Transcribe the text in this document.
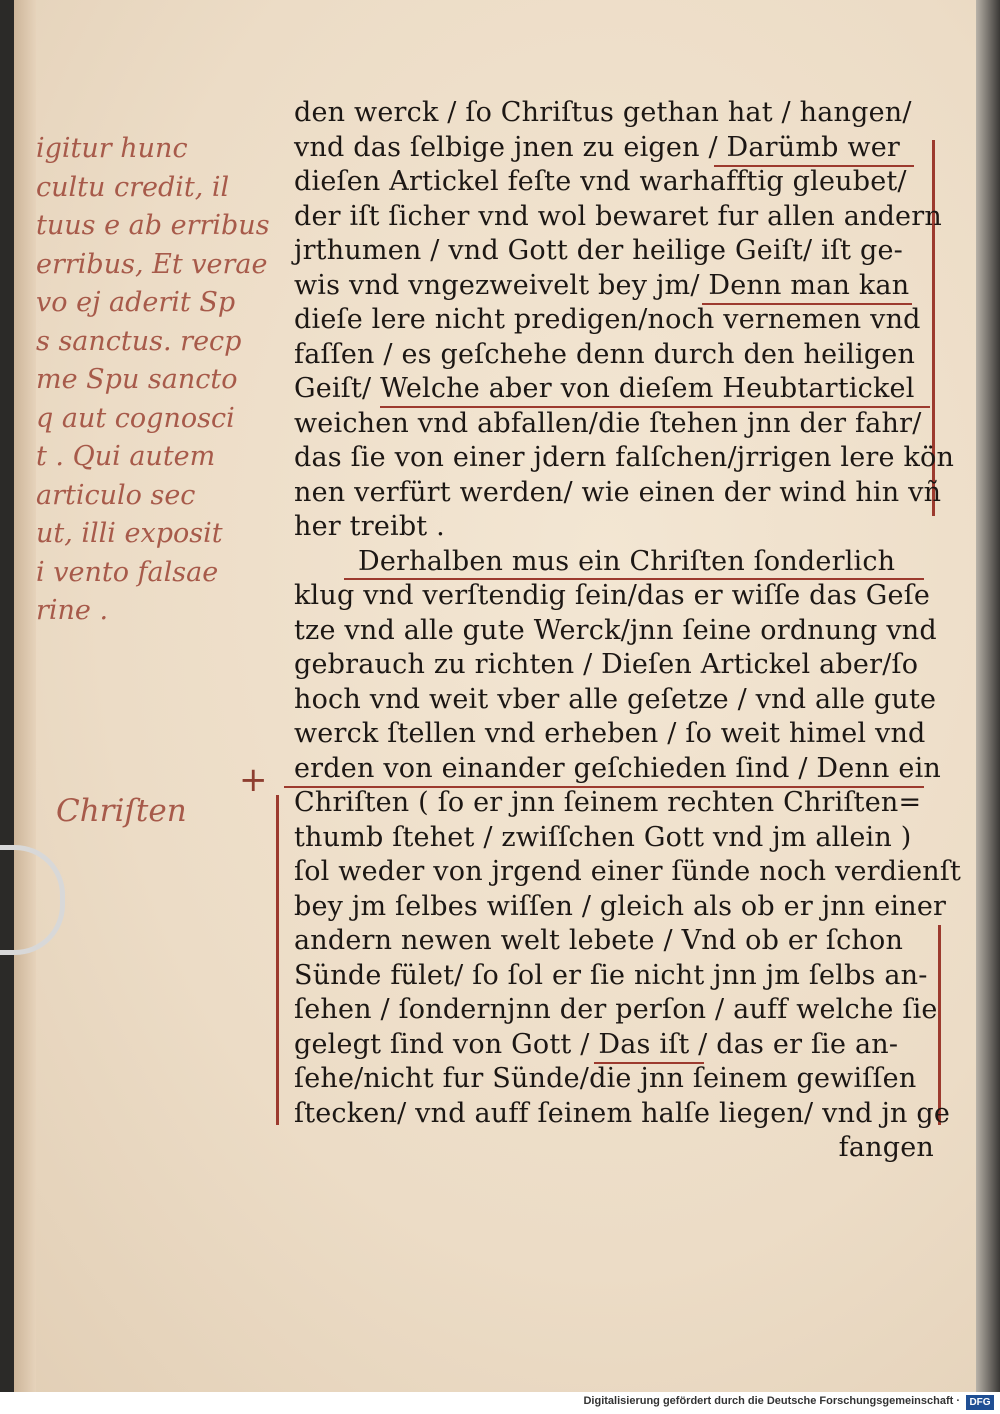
igitur hunc
cultu credit, il
tuus e ab erribus
erribus, Et verae
vo ej aderit Sp
s sanctus. recp
me Spu sancto
q aut cognosci
t . Qui autem
articulo sec
ut, illi exposit
i vento falsae
rine .
+
Chriſten
den werck / ſo Chriſtus gethan hat / hangen/
vnd das ſelbige jnen zu eigen / Darümb wer
dieſen Artickel feſte vnd warhafftig gleubet/
der iſt ſicher vnd wol bewaret fur allen andern
jrthumen / vnd Gott der heilige Geiſt/ iſt ge-
wis vnd vngezweivelt bey jm/ Denn man kan
dieſe lere nicht predigen/noch vernemen vnd
faſſen / es geſchehe denn durch den heiligen
Geiſt/ Welche aber von dieſem Heubtartickel
weichen vnd abfallen/die ſtehen jnn der fahr/
das ſie von einer jdern falſchen/jrrigen lere kön
nen verfürt werden/ wie einen der wind hin vñ
her treibt .
Derhalben mus ein Chriſten ſonderlich
klug vnd verſtendig ſein/das er wiſſe das Geſe
tze vnd alle gute Werck/jnn ſeine ordnung vnd
gebrauch zu richten / Dieſen Artickel aber/ſo
hoch vnd weit vber alle geſetze / vnd alle gute
werck ſtellen vnd erheben / ſo weit himel vnd
erden von einander geſchieden ſind / Denn ein
Chriſten ( ſo er jnn ſeinem rechten Chriſten=
thumb ſtehet / zwiſſchen Gott vnd jm allein )
ſol weder von jrgend einer ſünde noch verdienſt
bey jm ſelbes wiſſen / gleich als ob er jnn einer
andern newen welt lebete / Vnd ob er ſchon
Sünde fület/ ſo ſol er ſie nicht jnn jm ſelbs an-
ſehen / ſondernjnn der perſon / auff welche ſie
gelegt ſind von Gott / Das iſt / das er ſie an-
ſehe/nicht fur Sünde/die jnn ſeinem gewiſſen
ſtecken/ vnd auff ſeinem halſe liegen/ vnd jn ge
fangen
Digitalisierung gefördert durch die Deutsche Forschungsgemeinschaft · DFG
